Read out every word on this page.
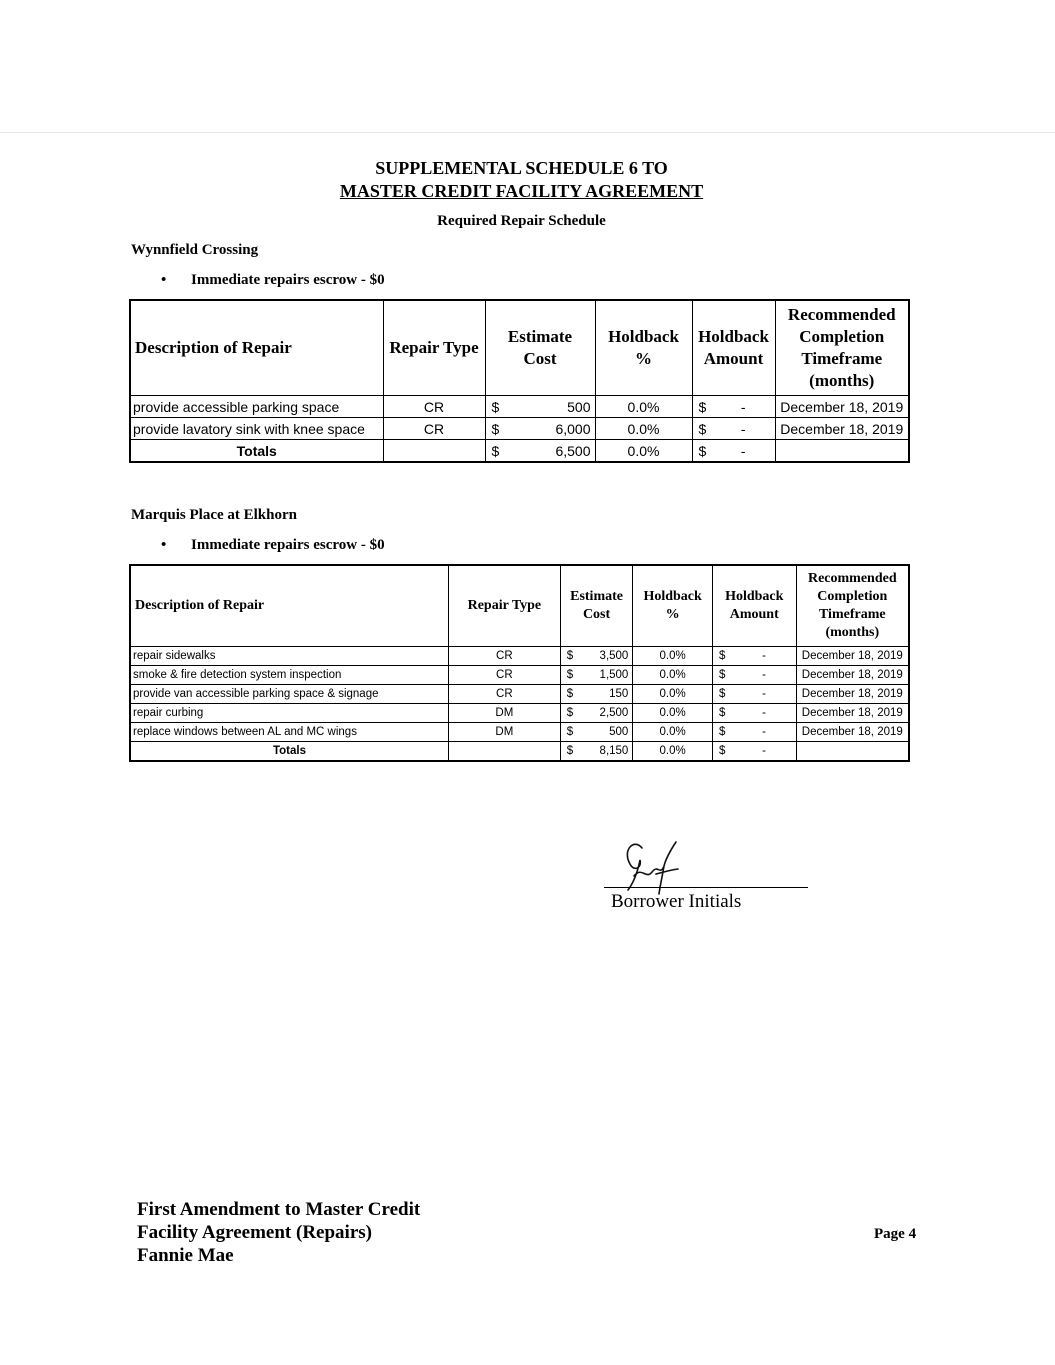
SUPPLEMENTAL SCHEDULE 6 TO
MASTER CREDIT FACILITY AGREEMENT
Required Repair Schedule
Wynnfield Crossing
• Immediate repairs escrow - $0
Description of Repair	Repair Type	Estimate Cost		Holdback %	Holdback Amount		Recommended Completion Timeframe (months)

provide accessible parking space	CR	$	500	0.0%	$	-	December 18, 2019
provide lavatory sink with knee space	CR	$	6,000	0.0%	$	-	December 18, 2019
Totals		$	6,500	0.0%	$	-	
Marquis Place at Elkhorn
• Immediate repairs escrow - $0
Description of Repair	Repair Type	Estimate Cost		Holdback %	Holdback Amount		Recommended Completion Timeframe (months)

repair sidewalks	CR	$	3,500	0.0%	$	-	December 18, 2019
smoke & fire detection system inspection	CR	$	1,500	0.0%	$	-	December 18, 2019
provide van accessible parking space & signage	CR	$	150	0.0%	$	-	December 18, 2019
repair curbing	DM	$	2,500	0.0%	$	-	December 18, 2019
replace windows between AL and MC wings	DM	$	500	0.0%	$	-	December 18, 2019
Totals		$	8,150	0.0%	$	-	
Borrower Initials
First Amendment to Master Credit
Facility Agreement (Repairs)
Fannie Mae
Page 4
